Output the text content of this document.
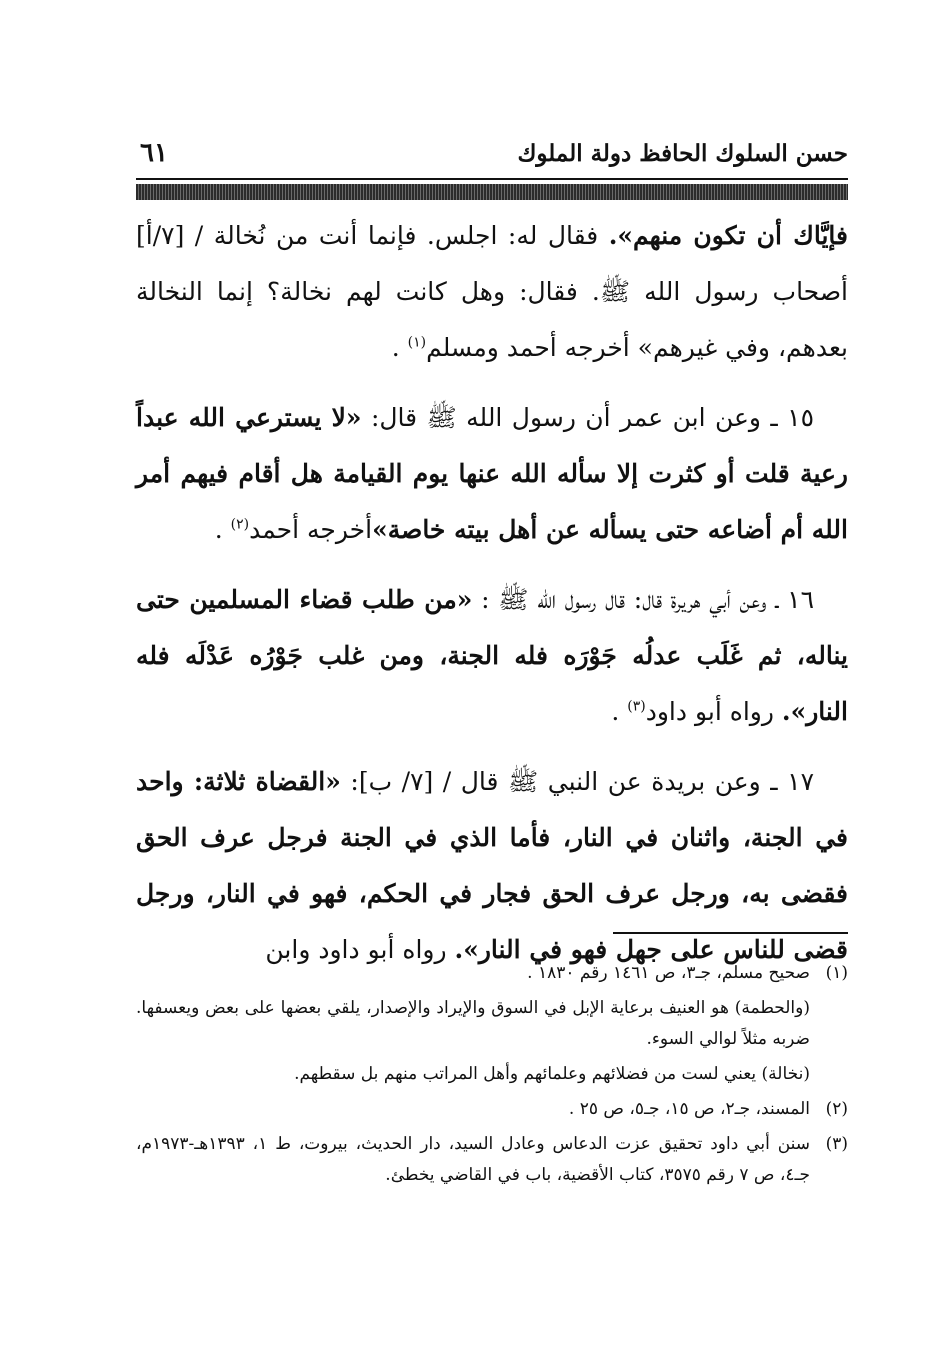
حسن السلوك الحافظ دولة الملوك
٦١

فإيَّاك أن تكون منهم». فقال له: اجلس. فإنما أنت من نُخالة / [٧/أ] أصحاب رسول الله ﷺ. فقال: وهل كانت لهم نخالة؟ إنما النخالة بعدهم، وفي غيرهم» أخرجه أحمد ومسلم$^{(١)}$ .

١٥ ـ وعن ابن عمر أن رسول الله ﷺ قال: «لا يسترعي الله عبداً رعية قلت أو كثرت إلا سأله الله عنها يوم القيامة هل أقام فيهم أمر الله أم أضاعه حتى يسأله عن أهل بيته خاصة»أخرجه أحمد$^{(٢)}$ .

١٦ ـ وعن أبي هريرة قال: قال رسول الله ﷺ : «من طلب قضاء المسلمين حتى يناله، ثم غَلَب عدلُه جَوْرَه فله الجنة، ومن غلب جَوْرُه عَدْلَه فله النار». رواه أبو داود$^{(٣)}$ .

١٧ ـ وعن بريدة عن النبي ﷺ قال / [٧/ ب]: «القضاة ثلاثة: واحد في الجنة، واثنان في النار، فأما الذي في الجنة فرجل عرف الحق فقضى به، ورجل عرف الحق فجار في الحكم، فهو في النار، ورجل قضى للناس على جهل فهو في النار». رواه أبو داود وابن

(١)
صحيح مسلم، جـ٣، ص ١٤٦١ رقم ١٨٣٠ .
(والحطمة) هو العنيف برعاية الإبل في السوق والإيراد والإصدار، يلقي بعضها على بعض ويعسفها. ضربه مثلاً لوالي السوء.
(نخالة) يعني لست من فضلائهم وعلمائهم وأهل المراتب منهم بل سقطهم.
(٢)
المسند، جـ٢، ص ١٥، جـ٥، ص ٢٥ .
(٣)
سنن أبي داود تحقيق عزت الدعاس وعادل السيد، دار الحديث، بيروت، ط ١، ١٣٩٣هـ-١٩٧٣م، جـ٤، ص ٧ رقم ٣٥٧٥، كتاب الأقضية، باب في القاضي يخطئ.
